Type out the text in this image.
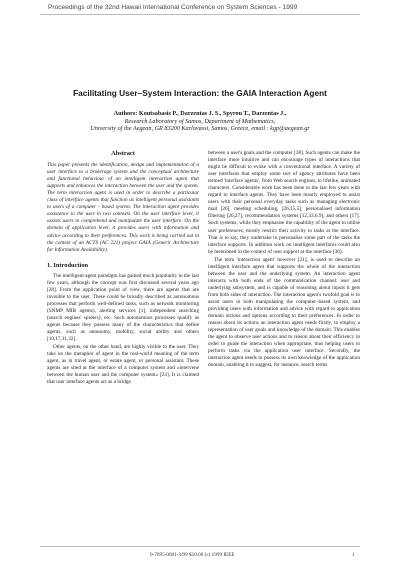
Proceedings of the 32nd Hawaii International Conference on System Sciences - 1999
Facilitating User–System Interaction: the GAIA Interaction Agent
Authors: Koutsabasis P., Darzentas J. S., Spyrou T., Darzentas J.,
Research Laboratory of Samos, Department of Mathematics,
University of the Aegean, GR 83200 Karlovassi, Samos, Greece, email : kgp@aegean.gr
Abstract
This paper presents the identification, design and implementation of a user interface to a brokerage system and the conceptual architecture and functional behaviour of an intelligent interaction agent that supports and enhances the interaction between the user and the system. The term interaction agent is used in order to describe a particular class of interface agents that function as intelligent personal assistants to users of a computer - based system. The interaction agent provides assistance to the user in two contexts. On the user interface level, it assists users to comprehend and manipulate the user interface. On the domain of application level, it provides users with information and advice according to their preferences. This work is being carried out in the context of an ACTS (AC 221) project GAIA (Generic Architecture for Information Availability).
1. Introduction

The intelligent agent paradigm has gained much popularity in the last few years, although the concept was first discussed several years ago [28]. From the application point of view, there are agents that are invisible to the user. These could be broadly described as autonomous processes that perform well-defined tasks, such as network monitoring (SNMP MIB agents), alerting services [1], independent searching (search engines' spiders), etc. Such autonomous processes qualify as agents because they possess many of the characteristics that define agents, such as autonomy, mobility, social ability and others [10,17,11,32].

Other agents, on the other hand, are highly visible to the user. They take on the metaphor of agent in the real-world meaning of the term agent, as in travel agent, or estate agent, or personal assistant. These agents are sited at the interface of a computer system and «intervene between the human user and the computer system» [23]. It is claimed that user interface agents act as a bridge

between a user's goals and the computer [38]. Such agents can make the interface more intuitive and can encourage types of interactions that might be difficult to evoke with a conventional interface. A variety of user interfaces that employ some sort of agency attributes have been termed 'interface agents', from Web search engines, to lifelike, animated characters. Considerable work has been done in the last few years with regard to interface agents. They have been mostly employed to assist users with their personal everyday tasks such as managing electronic mail [26], meeting scheduling, [26,15,5], personalised information filtering [26,27], recommendation systems [12,33,6,9], and others [17]. Such systems, while they emphasise the capability of the agent to utilise user preferences, mostly restrict their activity to tasks at the interface. That is to say, they undertake to personalise some part of the tasks the interface supports. In addition work on intelligent interfaces could also be mentioned in the context of user support at the interface [36].

The term 'interaction agent' however [21], is used to describe an intelligent interface agent that supports the whole of the interaction between the user and the underlying system. An interaction agent interacts with both ends of the communication channel: user and underlying subsystem, and is capable of reasoning about inputs it gets from both sides of interaction. The interaction agent's twofold goal is to assist users in both manipulating the computer–based system, and providing users with information and advice with regard to application domain actions and options according to their preferences. In order to reason about its actions an interaction agent needs firstly, to employ a representation of user goals and knowledge of the domain. This enables the agent to observe user actions and to reason about their efficiency in order to guide the interaction when appropriate, thus helping users to perform tasks via the application user interface. Secondly, the interaction agent needs to possess its own knowledge of the application domain, enabling it to suggest, for instance, search terms

0-7695-0001-3/99 $10.00 (c) 1999 IEEE	1
